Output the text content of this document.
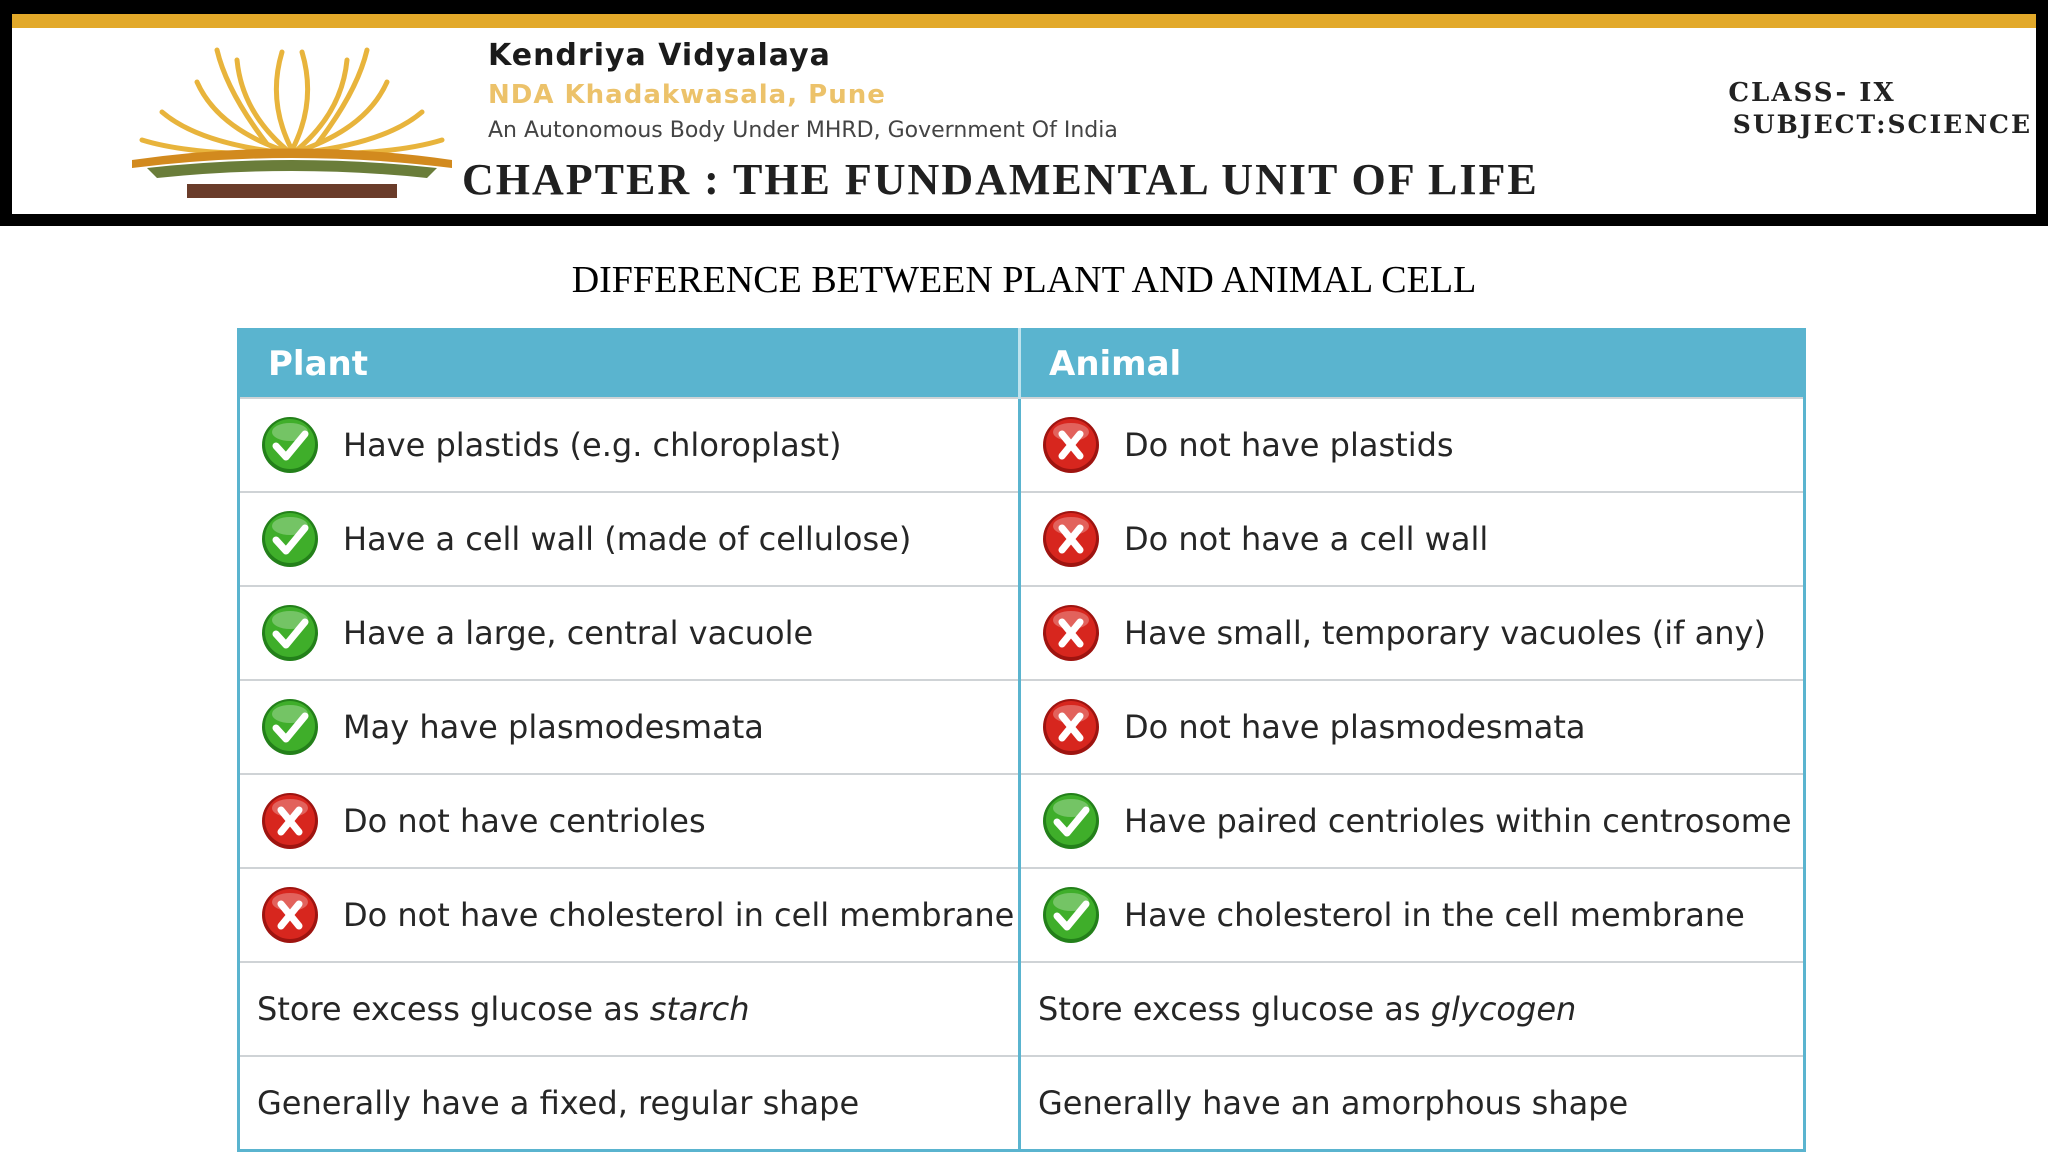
Kendriya Vidyalaya
NDA Khadakwasala, Pune
An Autonomous Body Under MHRD, Government Of India
CLASS- IX
SUBJECT:SCIENCE
CHAPTER : THE FUNDAMENTAL UNIT OF LIFE
DIFFERENCE BETWEEN PLANT AND ANIMAL CELL
Plant	Animal

Have plastids (e.g. chloroplast)	Do not have plastids

Have a cell wall (made of cellulose)	Do not have a cell wall

Have a large, central vacuole	Have small, temporary vacuoles (if any)

May have plasmodesmata	Do not have plasmodesmata

Do not have centrioles	Have paired centrioles within centrosome

Do not have cholesterol in cell membrane	Have cholesterol in the cell membrane

Store excess glucose as starch	Store excess glucose as glycogen

Generally have a fixed, regular shape	Generally have an amorphous shape
